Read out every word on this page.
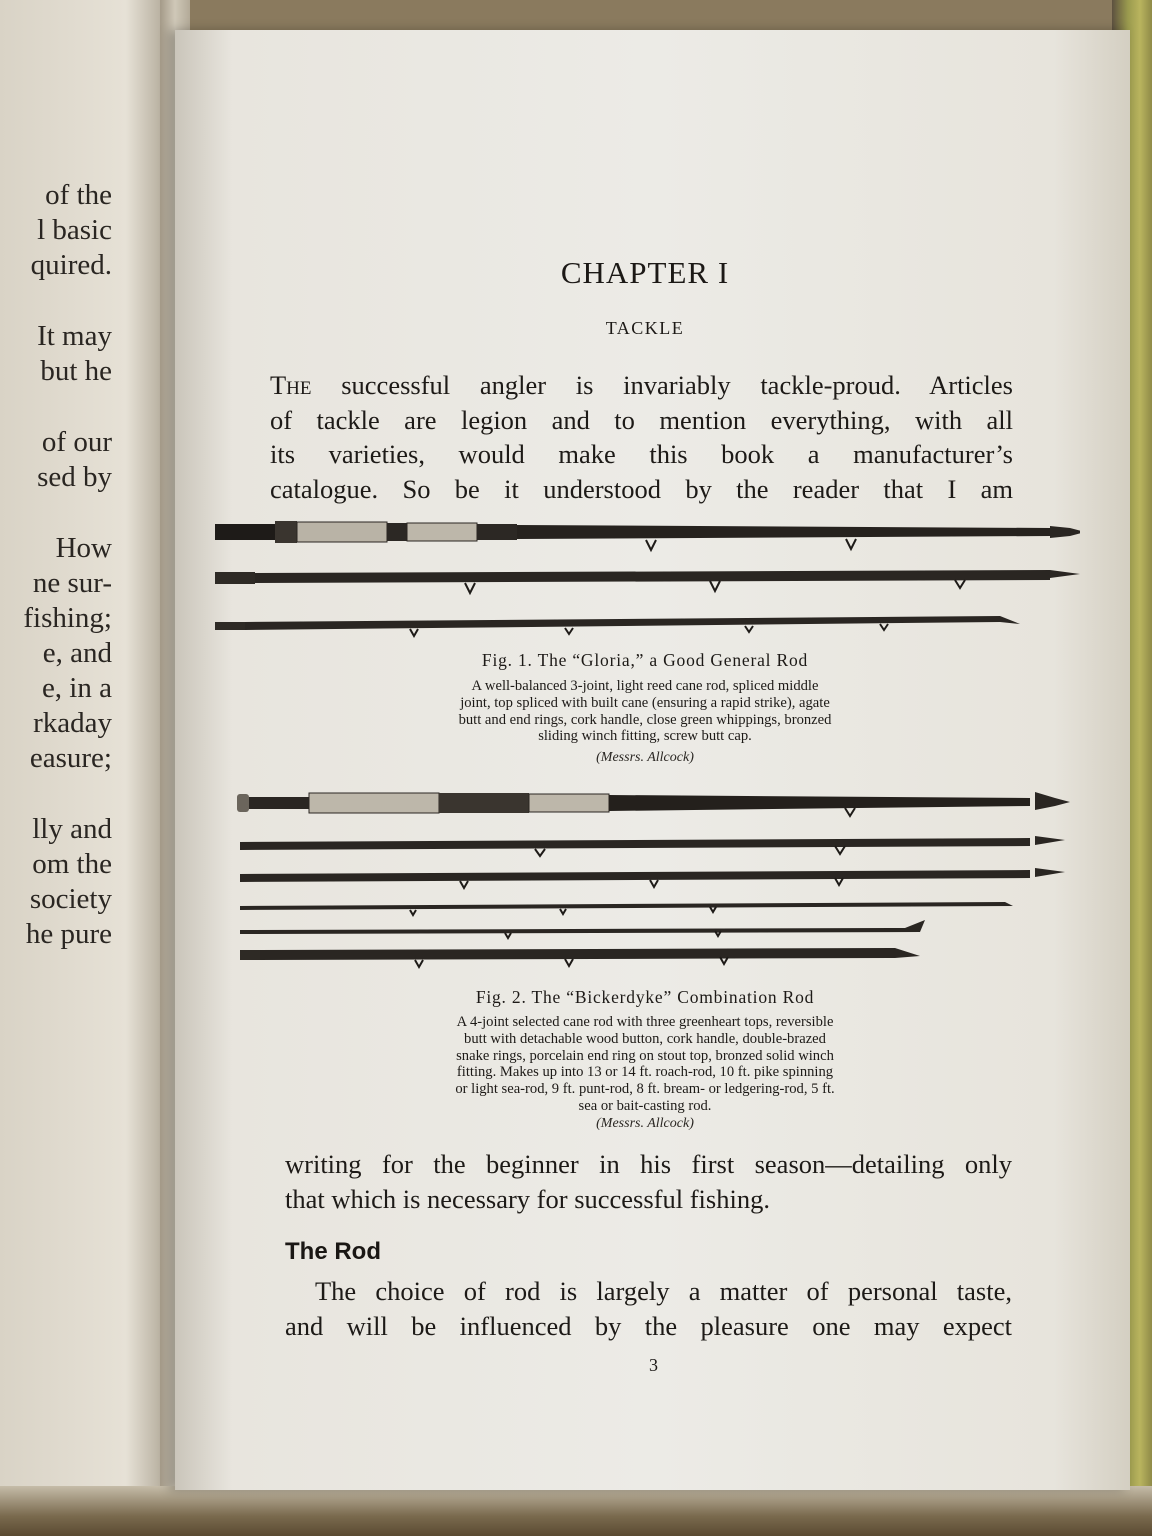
of the
l basic
quired.
It may
but he
of our
sed by
How
ne sur-
fishing;
e, and
e, in a
rkaday
easure;
lly and
om the
society
he pure
CHAPTER I
TACKLE
The successful angler is invariably tackle-proud. Articles
of tackle are legion and to mention everything, with all
its varieties, would make this book a manufacturer’s
catalogue. So be it understood by the reader that I am
Fig. 1. The “Gloria,” a Good General Rod
A well-balanced 3-joint, light reed cane rod, spliced middle
joint, top spliced with built cane (ensuring a rapid strike), agate
butt and end rings, cork handle, close green whippings, bronzed
sliding winch fitting, screw butt cap.
(Messrs. Allcock)
Fig. 2. The “Bickerdyke” Combination Rod
A 4-joint selected cane rod with three greenheart tops, reversible
butt with detachable wood button, cork handle, double-brazed
snake rings, porcelain end ring on stout top, bronzed solid winch
fitting. Makes up into 13 or 14 ft. roach-rod, 10 ft. pike spinning
or light sea-rod, 9 ft. punt-rod, 8 ft. bream- or ledgering-rod, 5 ft.
sea or bait-casting rod.
(Messrs. Allcock)
writing for the beginner in his first season—detailing only
that which is necessary for successful fishing.
The Rod
The choice of rod is largely a matter of personal taste,
and will be influenced by the pleasure one may expect
3
